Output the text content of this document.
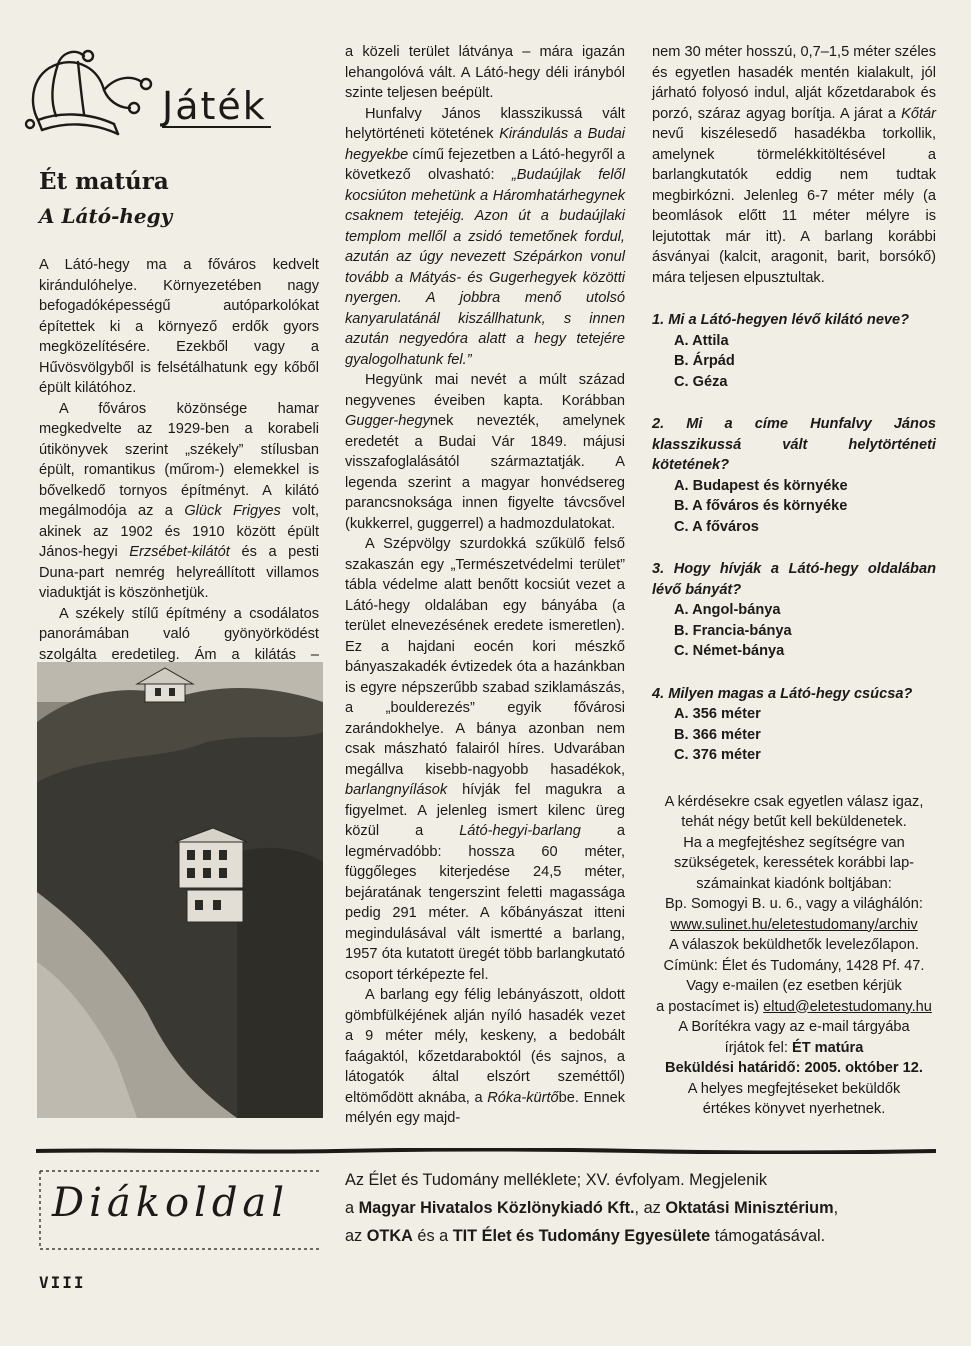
Játék
Ét matúra
A Látó-hegy

A Látó-hegy ma a főváros kedvelt kirándulóhelye. Környezetében nagy befogadóképességű autóparkolókat építettek ki a környező erdők gyors megközelítésére. Ezekből vagy a Hűvösvölgyből is felsétálhatunk egy kőből épült kilátóhoz.

A főváros közönsége hamar megkedvelte az 1929-ben a korabeli útikönyvek szerint „székely” stílusban épült, romantikus (műrom-) elemekkel is bővelkedő tornyos építményt. A kilátó megálmodója az a Glück Frigyes volt, akinek az 1902 és 1910 között épült János-hegyi Erzsébet-kilátót és a pesti Duna-part nemrég helyreállított villamos viaduktját is köszönhetjük.

A székely stílű építmény a csodálatos panorámában való gyönyörködést szolgálta eredetileg. Ám a kilátás –

a közeli terület látványa – mára igazán lehangolóvá vált. A Látó-hegy déli irányból szinte teljesen beépült.

Hunfalvy János klasszikussá vált helytörténeti kötetének Kirándulás a Budai hegyekbe című fejezetben a Látó-hegyről a következő olvasható: „Budaújlak felől kocsiúton mehetünk a Háromhatárhegynek csaknem tetejéig. Azon út a budaújlaki templom mellől a zsidó temetőnek fordul, azután az úgy nevezett Szépárkon vonul tovább a Mátyás- és Gugerhegyek közötti nyergen. A jobbra menő utolsó kanyarulatánál kiszállhatunk, s innen azután negyedóra alatt a hegy tetejére gyalogolhatunk fel.”

Hegyünk mai nevét a múlt század negyvenes éveiben kapta. Korábban Gugger-hegynek nevezték, amelynek eredetét a Budai Vár 1849. májusi visszafoglalásától származtatják. A legenda szerint a magyar honvédsereg parancsnoksága innen figyelte távcsővel (kukkerrel, guggerrel) a hadmozdulatokat.

A Szépvölgy szurdokká szűkülő felső szakaszán egy „Természetvédelmi terület” tábla védelme alatt benőtt kocsiút vezet a Látó-hegy oldalában egy bányába (a terület elnevezésének eredete ismeretlen). Ez a hajdani eocén kori mészkő bányaszakadék évtizedek óta a hazánkban is egyre népszerűbb szabad sziklamászás, a „boulderezés” egyik fővárosi zarándokhelye. A bánya azonban nem csak mászható falairól híres. Udvarában megállva kisebb-nagyobb hasadékok, barlangnyílások hívják fel magukra a figyelmet. A jelenleg ismert kilenc üreg közül a Látó-hegyi-barlang a legmérvadóbb: hossza 60 méter, függőleges kiterjedése 24,5 méter, bejáratának tengerszint feletti magassága pedig 291 méter. A kőbányászat itteni megindulásával vált ismertté a barlang, 1957 óta kutatott üregét több barlangkutató csoport térképezte fel.

A barlang egy félig lebányászott, oldott gömbfülkéjének alján nyíló hasadék vezet a 9 méter mély, keskeny, a bedobált faágaktól, kőzetdaraboktól (és sajnos, a látogatók által elszórt szeméttől) eltömődött aknába, a Róka-kürtőbe. Ennek mélyén egy majd-

nem 30 méter hosszú, 0,7–1,5 méter széles és egyetlen hasadék mentén kialakult, jól járható folyosó indul, alját kőzetdarabok és porzó, száraz agyag borítja. A járat a Kőtár nevű kiszélesedő hasadékba torkollik, amelynek törmelékkitöltésével a barlangkutatók eddig nem tudtak megbirkózni. Jelenleg 6-7 méter mély (a beomlások előtt 11 méter mélyre is lejutottak már itt). A barlang korábbi ásványai (kalcit, aragonit, barit, borsókő) mára teljesen elpusztultak.

1. Mi a Látó-hegyen lévő kilátó neve?

A. Attila

B. Árpád

C. Géza

2. Mi a címe Hunfalvy János klasszikussá vált helytörténeti kötetének?

A. Budapest és környéke

B. A főváros és környéke

C. A főváros

3. Hogy hívják a Látó-hegy oldalában lévő bányát?

A. Angol-bánya

B. Francia-bánya

C. Német-bánya

4. Milyen magas a Látó-hegy csúcsa?

A. 356 méter

B. 366 méter

C. 376 méter

A kérdésekre csak egyetlen válasz igaz,
tehát négy betűt kell beküldenetek.
Ha a megfejtéshez segítségre van
szükségetek, keressétek korábbi lap-
számainkat kiadónk boltjában:
Bp. Somogyi B. u. 6., vagy a világhálón:
www.sulinet.hu/eletestudomany/archiv
A válaszok beküldhetők levelezőlapon.
Címünk: Élet és Tudomány, 1428 Pf. 47.
Vagy e-mailen (ez esetben kérjük
a postacímet is) eltud@eletestudomany.hu
A Borítékra vagy az e-mail tárgyába
írjátok fel: ÉT matúra
Beküldési határidő: 2005. október 12.
A helyes megfejtéseket beküldők
értékes könyvet nyerhetnek.

Diákoldal	Az Élet és Tudomány melléklete; XV. évfolyam. Megjelenik
a Magyar Hivatalos Közlönykiadó Kft., az Oktatási Minisztérium,
az OTKA és a TIT Élet és Tudomány Egyesülete támogatásával.
VIII
